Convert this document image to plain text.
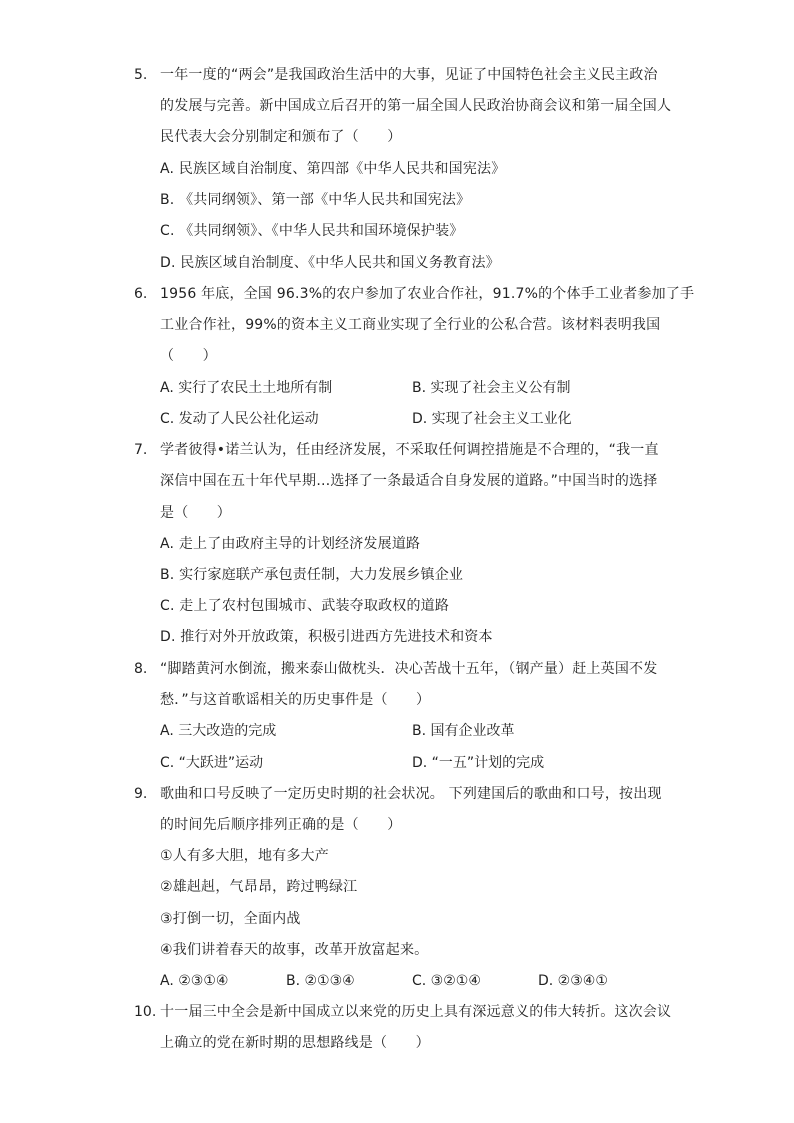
5. 一年一度的“两会”是我国政治生活中的大事，见证了中国特色社会主义民主政治
的发展与完善。新中国成立后召开的第一届全国人民政治协商会议和第一届全国人
民代表大会分别制定和颁布了（　　）
A. 民族区域自治制度、第四部《中华人民共和国宪法》
B. 《共同纲领》、第一部《中华人民共和国宪法》
C. 《共同纲领》、《中华人民共和国环境保护装》
D. 民族区域自治制度、《中华人民共和国义务教育法》
6. 1956 年底，全国 96.3%的农户参加了农业合作社，91.7%的个体手工业者参加了手
工业合作社，99%的资本主义工商业实现了全行业的公私合营。该材料表明我国
（　　）
A. 实行了农民土土地所有制	B. 实现了社会主义公有制
C. 发动了人民公社化运动	D. 实现了社会主义工业化
7. 学者彼得•诺兰认为，任由经济发展，不采取任何调控措施是不合理的，“我一直
深信中国在五十年代早期…选择了一条最适合自身发展的道路。”中国当时的选择
是（　　）
A. 走上了由政府主导的计划经济发展道路
B. 实行家庭联产承包责任制，大力发展乡镇企业
C. 走上了农村包围城市、武装夺取政权的道路
D. 推行对外开放政策，积极引进西方先进技术和资本
8. “脚踏黄河水倒流，搬来泰山做枕头．决心苦战十五年，（钢产量）赶上英国不发
愁．”与这首歌谣相关的历史事件是（　　）
A. 三大改造的完成	B. 国有企业改革
C. “大跃进”运动	D. “一五”计划的完成
9. 歌曲和口号反映了一定历史时期的社会状况。 下列建国后的歌曲和口号，按出现
的时间先后顺序排列正确的是（　　）
①人有多大胆，地有多大产
②雄赳赳，气昂昂，跨过鸭绿江
③打倒一切，全面内战
④我们讲着春天的故事，改革开放富起来。
A. ②③①④	B. ②①③④	C. ③②①④	D. ②③④①
10. 十一届三中全会是新中国成立以来党的历史上具有深远意义的伟大转折。这次会议
上确立的党在新时期的思想路线是（　　）
